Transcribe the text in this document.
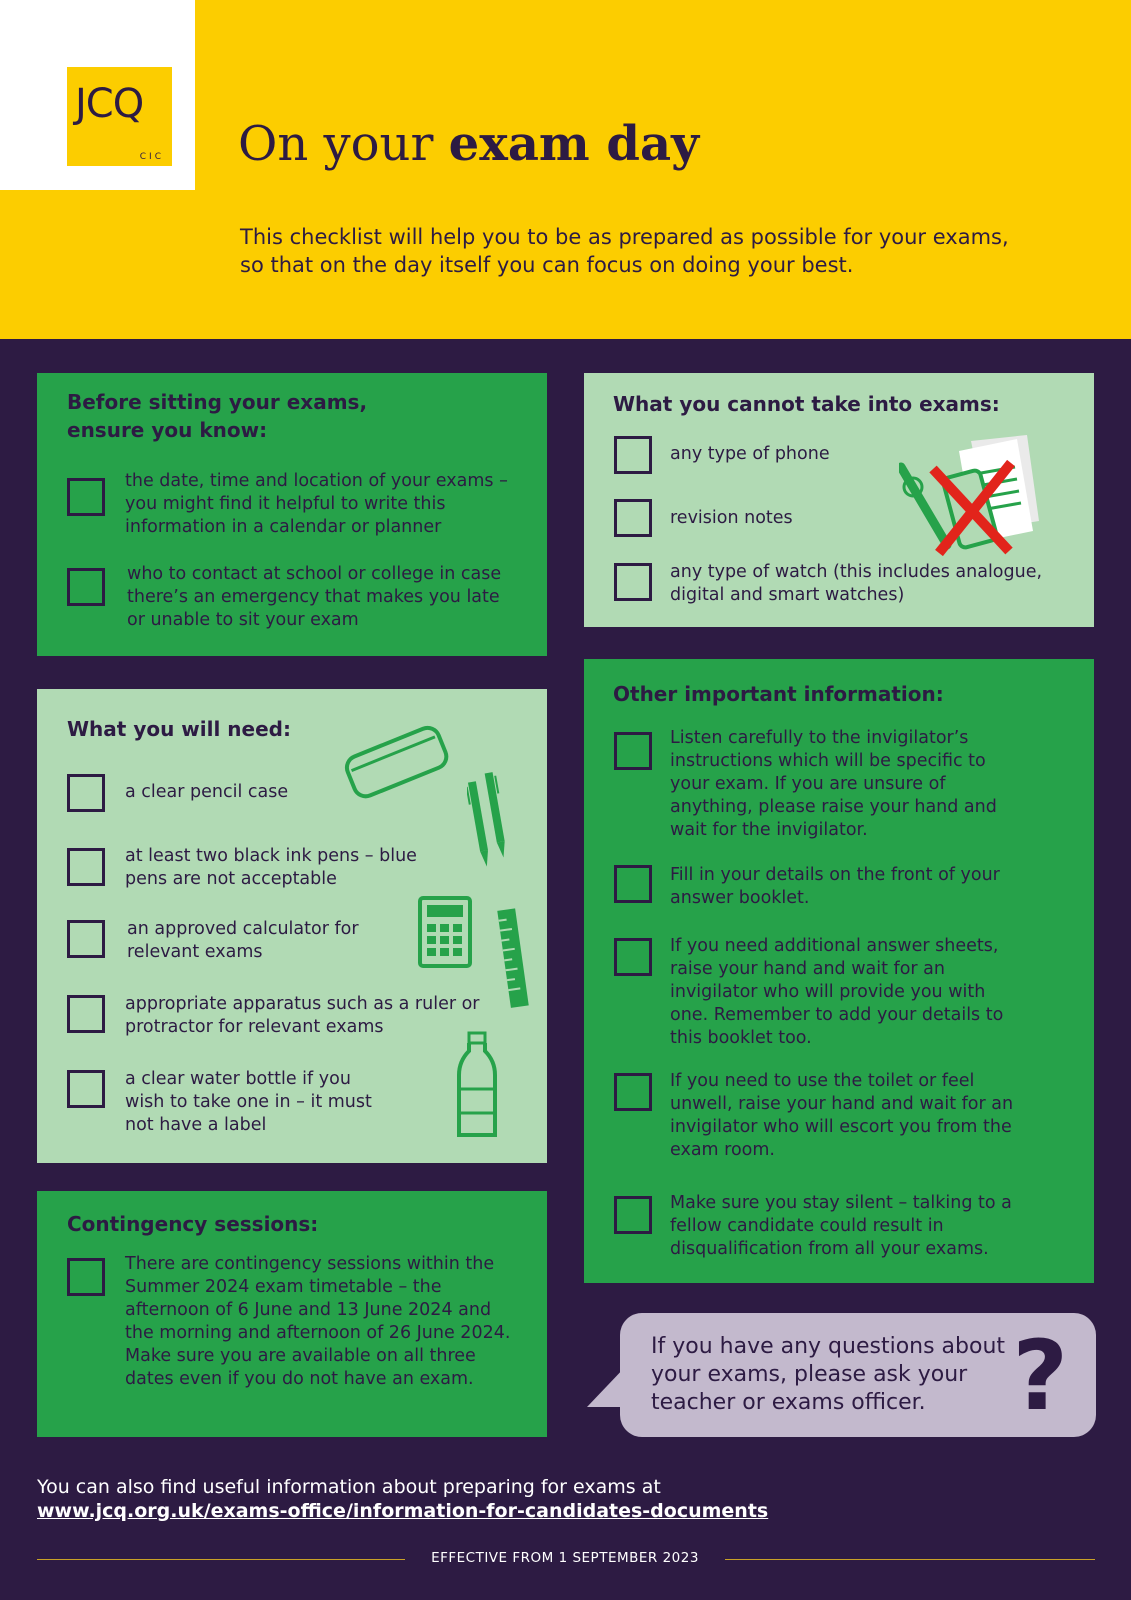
JCQ
CIC On your exam day
This checklist will help you to be as prepared as possible for your exams, so that on the day itself you can focus on doing your best.
Before sitting your exams,
ensure you know:
the date, time and location of your exams – you might find it helpful to write this information in a calendar or planner
who to contact at school or college in case there’s an emergency that makes you late or unable to sit your exam
What you cannot take into exams:
any type of phone
revision notes
any type of watch (this includes analogue, digital and smart watches)
Other important information:
Listen carefully to the invigilator’s instructions which will be specific to your exam. If you are unsure of anything, please raise your hand and wait for the invigilator.
Fill in your details on the front of your answer booklet.
If you need additional answer sheets, raise your hand and wait for an invigilator who will provide you with one. Remember to add your details to this booklet too.
If you need to use the toilet or feel unwell, raise your hand and wait for an invigilator who will escort you from the exam room.
Make sure you stay silent – talking to a fellow candidate could result in disqualification from all your exams.
What you will need:
a clear pencil case
at least two black ink pens – blue pens are not acceptable
an approved calculator for relevant exams
appropriate apparatus such as a ruler or protractor for relevant exams
a clear water bottle if you wish to take one in – it must not have a label
Contingency sessions:
There are contingency sessions within the Summer 2024 exam timetable – the afternoon of 6 June and 13 June 2024 and the morning and afternoon of 26 June 2024. Make sure you are available on all three dates even if you do not have an exam.
If you have any questions about your exams, please ask your teacher or exams officer. ?
You can also find useful information about preparing for exams at
www.jcq.org.uk/exams-office/information-for-candidates-documents
EFFECTIVE FROM 1 SEPTEMBER 2023
